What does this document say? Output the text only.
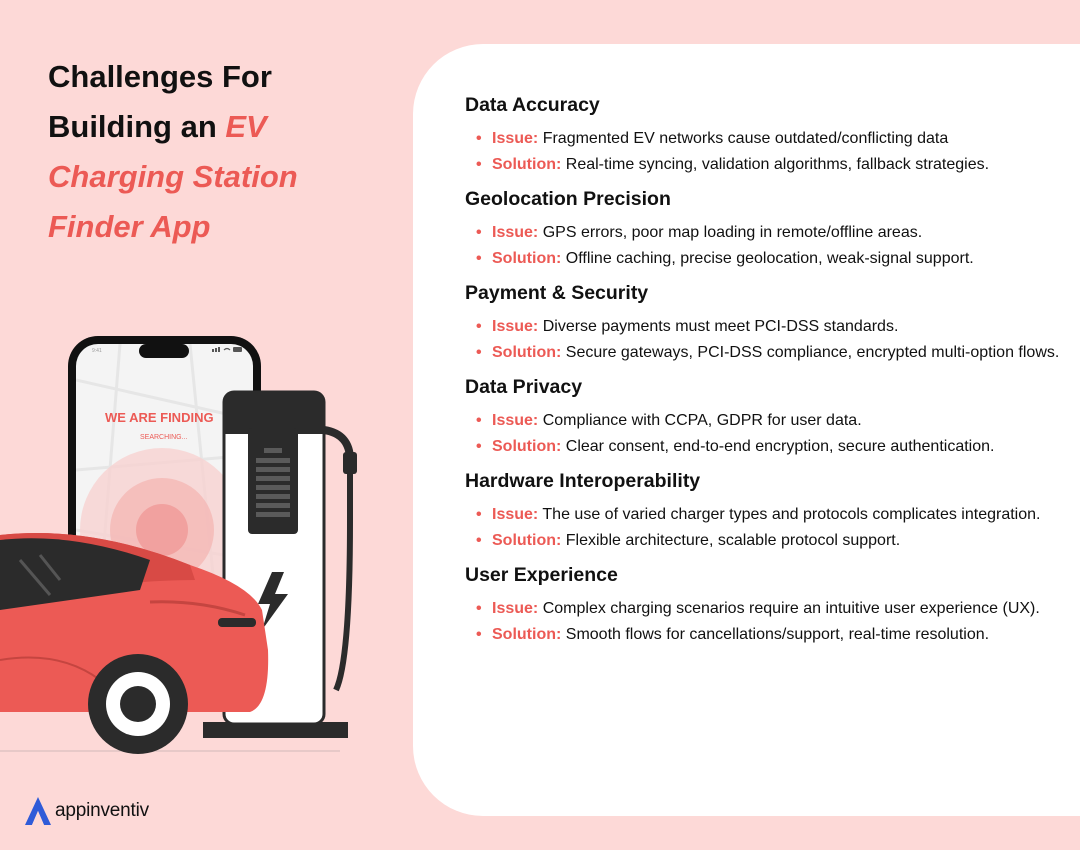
Challenges For
Building an EV
Charging Station
Finder App
Data Accuracy
• Issue: Fragmented EV networks cause outdated/conflicting data
• Solution: Real-time syncing, validation algorithms, fallback strategies.
Geolocation Precision
• Issue: GPS errors, poor map loading in remote/offline areas.
• Solution: Offline caching, precise geolocation, weak-signal support.
Payment & Security
• Issue: Diverse payments must meet PCI-DSS standards.
• Solution: Secure gateways, PCI-DSS compliance, encrypted multi-option flows.
Data Privacy
• Issue: Compliance with CCPA, GDPR for user data.
• Solution: Clear consent, end-to-end encryption, secure authentication.
Hardware Interoperability
• Issue: The use of varied charger types and protocols complicates integration.
• Solution: Flexible architecture, scalable protocol support.
User Experience
• Issue: Complex charging scenarios require an intuitive user experience (UX).
• Solution: Smooth flows for cancellations/support, real-time resolution.
9:41
WE ARE FINDING
SEARCHING...
appinventiv
